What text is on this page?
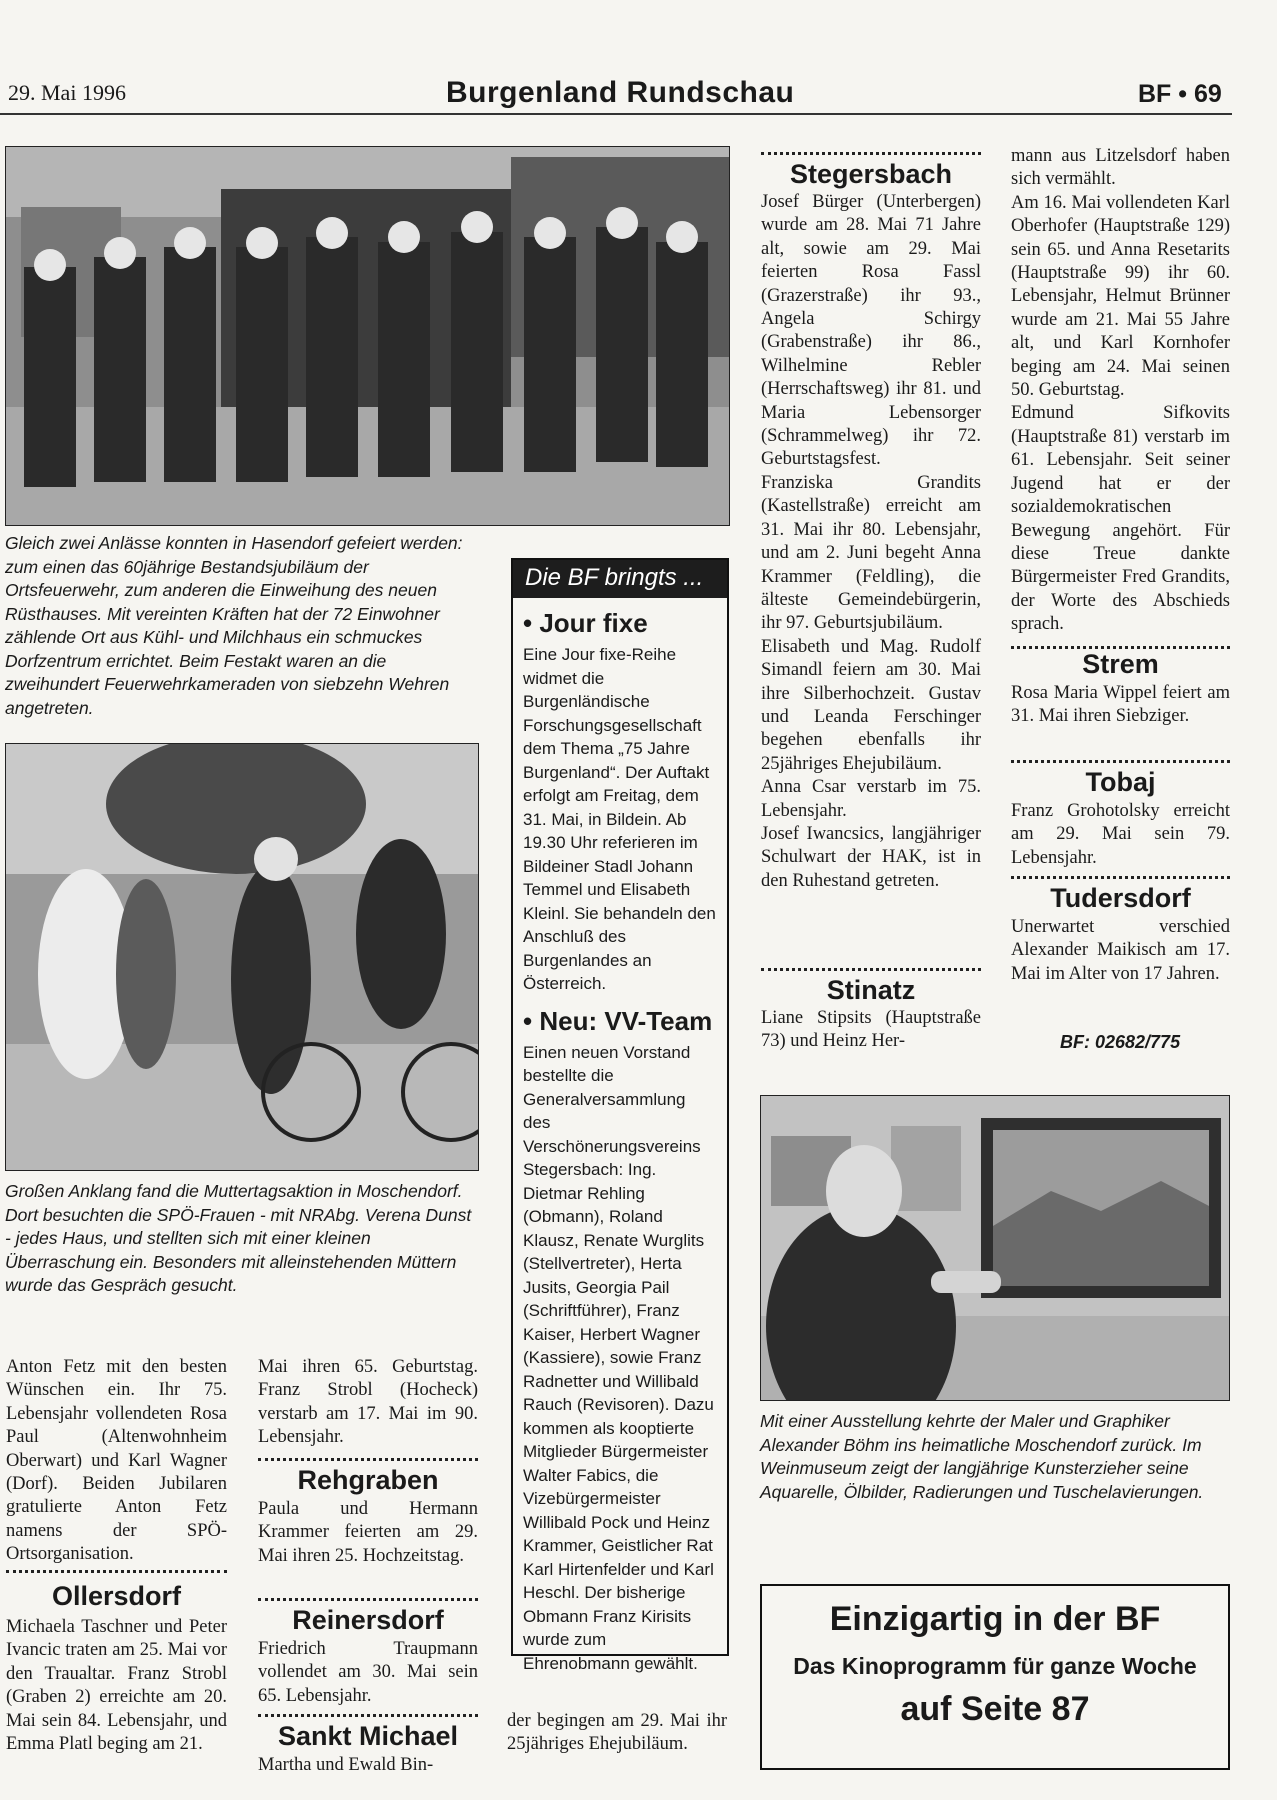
29. Mai 1996	Burgenland Rundschau	BF • 69
Gleich zwei Anlässe konnten in Hasendorf gefeiert werden: zum einen das 60jährige Bestandsjubiläum der Ortsfeuerwehr, zum anderen die Einweihung des neuen Rüsthauses. Mit vereinten Kräften hat der 72 Einwohner zählende Ort aus Kühl- und Milchhaus ein schmuckes Dorfzentrum errichtet. Beim Festakt waren an die zweihundert Feuerwehrkameraden von siebzehn Wehren angetreten.
Die BF bringts ...
• Jour fixe
Eine Jour fixe-Reihe widmet die Burgenländische Forschungsgesellschaft dem Thema „75 Jahre Burgenland“. Der Auftakt erfolgt am Freitag, dem 31. Mai, in Bildein. Ab 19.30 Uhr referieren im Bildeiner Stadl Johann Temmel und Elisabeth Kleinl. Sie behandeln den Anschluß des Burgenlandes an Österreich.
• Neu: VV-Team
Einen neuen Vorstand bestellte die Generalversammlung des Verschönerungsvereins Stegersbach: Ing. Dietmar Rehling (Obmann), Roland Klausz, Renate Wurglits (Stellvertreter), Herta Jusits, Georgia Pail (Schriftführer), Franz Kaiser, Herbert Wagner (Kassiere), sowie Franz Radnetter und Willibald Rauch (Revisoren). Dazu kommen als kooptierte Mitglieder Bürgermeister Walter Fabics, die Vizebürgermeister Willibald Pock und Heinz Krammer, Geistlicher Rat Karl Hirtenfelder und Karl Heschl. Der bisherige Obmann Franz Kirisits wurde zum Ehrenobmann gewählt.
Großen Anklang fand die Muttertagsaktion in Moschendorf. Dort besuchten die SPÖ-Frauen - mit NRAbg. Verena Dunst - jedes Haus, und stellten sich mit einer kleinen Überraschung ein. Besonders mit alleinstehenden Müttern wurde das Gespräch gesucht.
Anton Fetz mit den besten Wünschen ein. Ihr 75. Lebensjahr vollendeten Rosa Paul (Altenwohnheim Oberwart) und Karl Wagner (Dorf). Beiden Jubilaren gratulierte Anton Fetz namens der SPÖ-Ortsorganisation.
Ollersdorf
Michaela Taschner und Peter Ivancic traten am 25. Mai vor den Traualtar. Franz Strobl (Graben 2) erreichte am 20. Mai sein 84. Lebensjahr, und Emma Platl beging am 21.
Mai ihren 65. Geburtstag. Franz Strobl (Hocheck) verstarb am 17. Mai im 90. Lebensjahr.
Rehgraben
Paula und Hermann Krammer feierten am 29. Mai ihren 25. Hochzeitstag.
Reinersdorf
Friedrich Traupmann vollendet am 30. Mai sein 65. Lebensjahr.
Sankt Michael
Martha und Ewald Bin-
der begingen am 29. Mai ihr 25jähriges Ehejubiläum.
Stegersbach

Josef Bürger (Unterbergen) wurde am 28. Mai 71 Jahre alt, sowie am 29. Mai feierten Rosa Fassl (Grazerstraße) ihr 93., Angela Schirgy (Grabenstraße) ihr 86., Wilhelmine Rebler (Herrschaftsweg) ihr 81. und Maria Lebensorger (Schrammelweg) ihr 72. Geburtstagsfest.

Franziska Grandits (Kastellstraße) erreicht am 31. Mai ihr 80. Lebensjahr, und am 2. Juni begeht Anna Krammer (Feldling), die älteste Gemeindebürgerin, ihr 97. Geburtsjubiläum.

Elisabeth und Mag. Rudolf Simandl feiern am 30. Mai ihre Silberhochzeit. Gustav und Leanda Ferschinger begehen ebenfalls ihr 25jähriges Ehejubiläum.

Anna Csar verstarb im 75. Lebensjahr.

Josef Iwancsics, langjähriger Schulwart der HAK, ist in den Ruhestand getreten.

Stinatz
Liane Stipsits (Hauptstraße 73) und Heinz Her-

mann aus Litzelsdorf haben sich vermählt.

Am 16. Mai vollendeten Karl Oberhofer (Hauptstraße 129) sein 65. und Anna Resetarits (Hauptstraße 99) ihr 60. Lebensjahr, Helmut Brünner wurde am 21. Mai 55 Jahre alt, und Karl Kornhofer beging am 24. Mai seinen 50. Geburtstag.

Edmund Sifkovits (Hauptstraße 81) verstarb im 61. Lebensjahr. Seit seiner Jugend hat er der sozialdemokratischen Bewegung angehört. Für diese Treue dankte Bürgermeister Fred Grandits, der Worte des Abschieds sprach.

Strem
Rosa Maria Wippel feiert am 31. Mai ihren Siebziger.
Tobaj
Franz Grohotolsky erreicht am 29. Mai sein 79. Lebensjahr.
Tudersdorf
Unerwartet verschied Alexander Maikisch am 17. Mai im Alter von 17 Jahren.
BF: 02682/775
Mit einer Ausstellung kehrte der Maler und Graphiker Alexander Böhm ins heimatliche Moschendorf zurück. Im Weinmuseum zeigt der langjährige Kunsterzieher seine Aquarelle, Ölbilder, Radierungen und Tuschelavierungen.
Einzigartig in der BF
Das Kinoprogramm für ganze Woche
auf Seite 87
